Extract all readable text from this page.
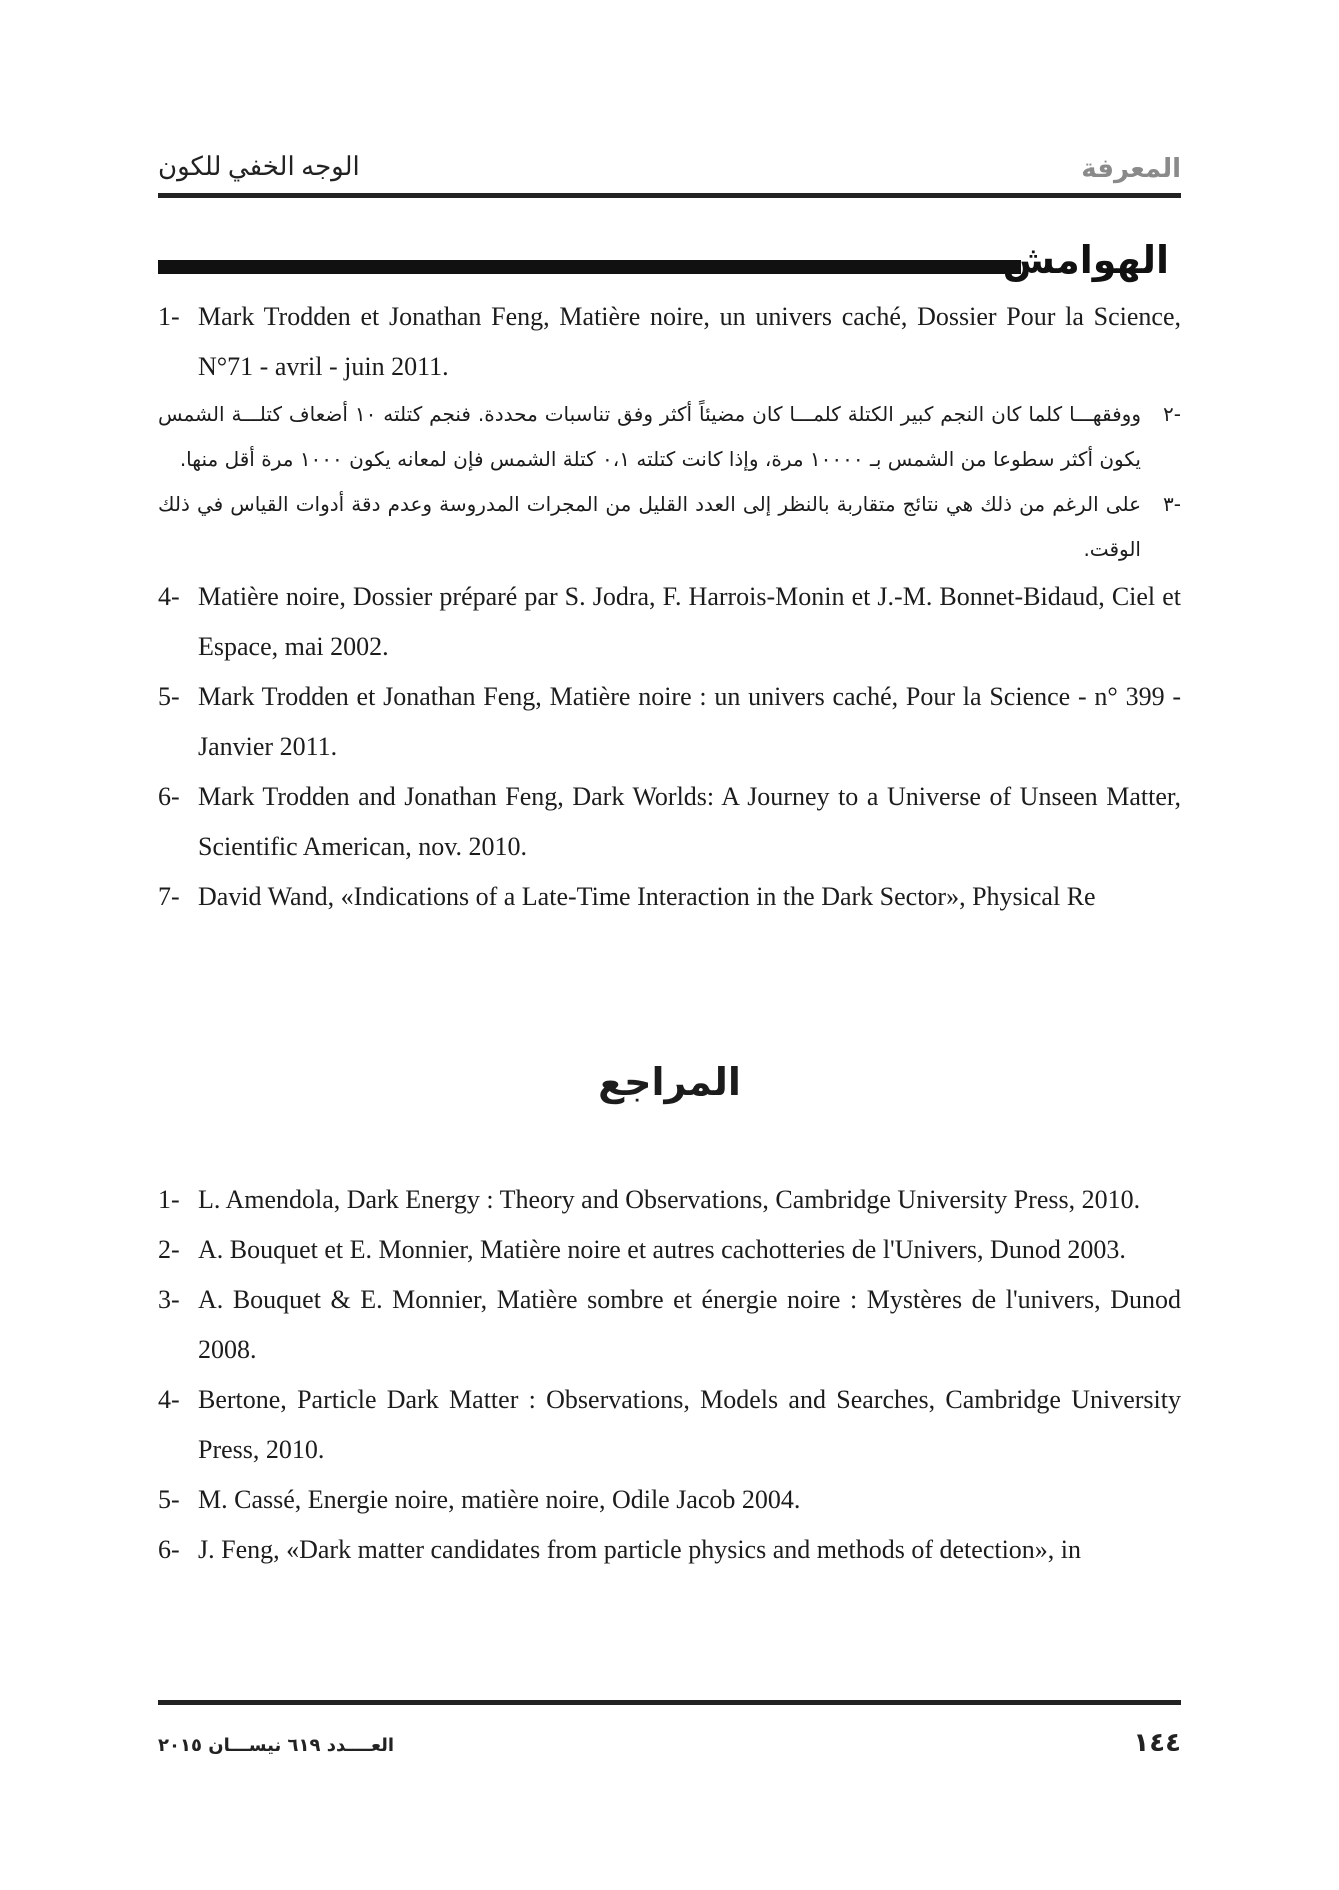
المعرفة
الوجه الخفي للكون
الهوامش

1- Mark Trodden et Jonathan Feng, Matière noire, un univers caché, Dossier Pour la Science, N°71 - avril - juin 2011.

-٢
ووفقهـــا كلما كان النجم كبير الكتلة كلمـــا كان مضيئاً أكثر وفق تناسبات محددة. فنجم كتلته ١٠ أضعاف كتلـــة الشمس يكون أكثر سطوعا من الشمس بـ ١٠٠٠٠ مرة، وإذا كانت كتلته ٠،١ كتلة الشمس فإن لمعانه يكون ١٠٠٠ مرة أقل منها.

-٣
على الرغم من ذلك هي نتائج متقاربة بالنظر إلى العدد القليل من المجرات المدروسة وعدم دقة أدوات القياس في ذلك الوقت.

4- Matière noire, Dossier préparé par S. Jodra, F. Harrois-Monin et J.-M. Bonnet-Bidaud, Ciel et Espace, mai 2002.

5- Mark Trodden et Jonathan Feng, Matière noire : un univers caché, Pour la Science - n° 399 - Janvier 2011.

6- Mark Trodden and Jonathan Feng, Dark Worlds: A Journey to a Universe of Unseen Matter, Scientific American, nov. 2010.

7- David Wand, «Indications of a Late-Time Interaction in the Dark Sector», Physical Re

المراجع

1- L. Amendola, Dark Energy : Theory and Observations, Cambridge University Press, 2010.

2- A. Bouquet et E. Monnier, Matière noire et autres cachotteries de l'Univers, Dunod 2003.

3- A. Bouquet & E. Monnier, Matière sombre et énergie noire : Mystères de l'univers, Dunod 2008.

4- Bertone, Particle Dark Matter : Observations, Models and Searches, Cambridge University Press, 2010.

5- M. Cassé, Energie noire, matière noire, Odile Jacob 2004.

6- J. Feng, «Dark matter candidates from particle physics and methods of detection», in

العــــدد ٦١٩ نيســـان ٢٠١٥	١٤٤
